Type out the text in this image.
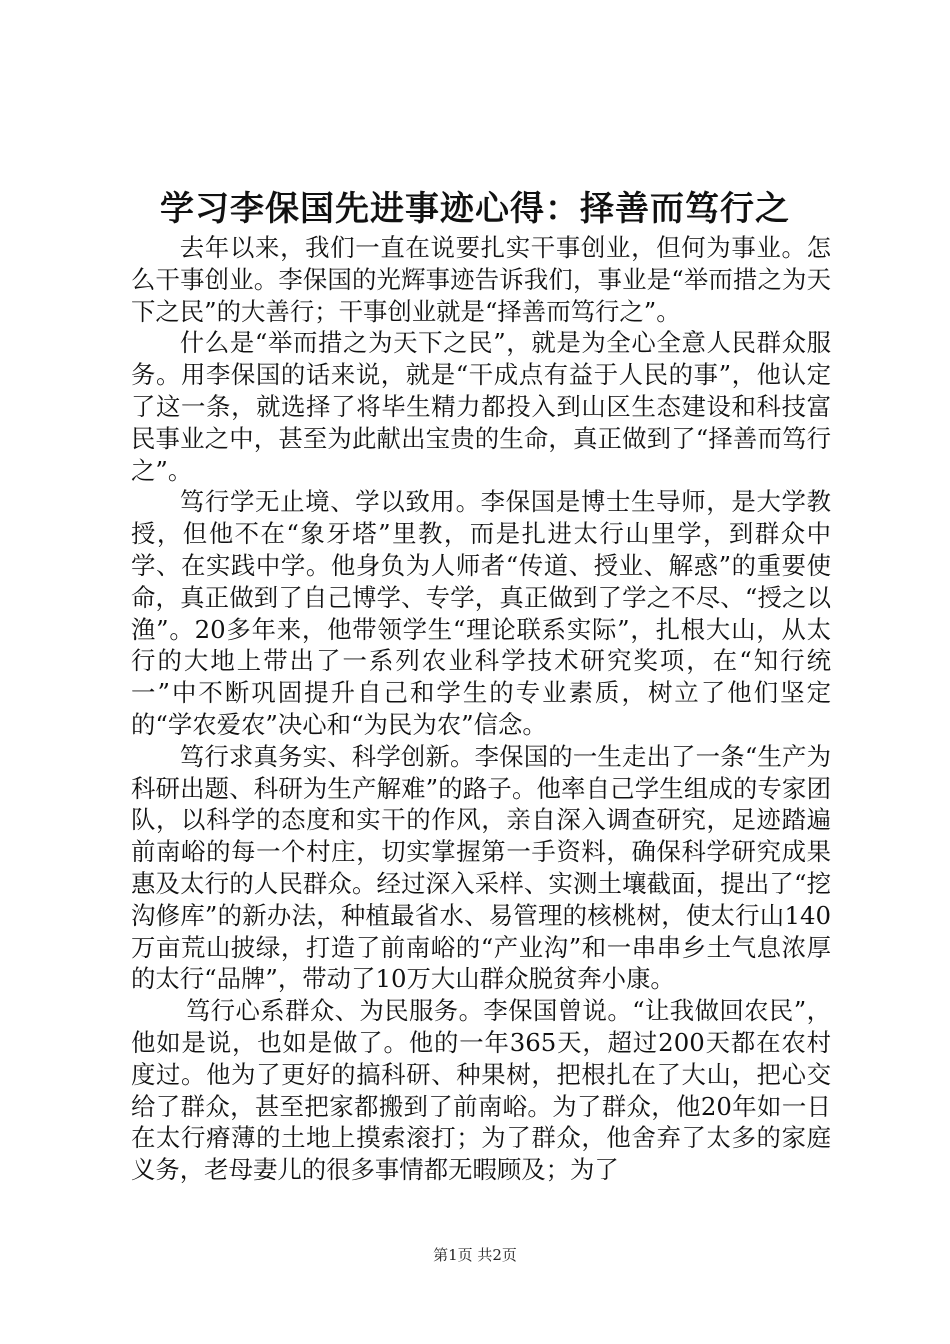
学习李保国先进事迹心得：择善而笃行之

去年以来，我们一直在说要扎实干事创业，但何为事业。怎么干事创业。李保国的光辉事迹告诉我们，事业是“举而措之为天下之民”的大善行；干事创业就是“择善而笃行之”。

什么是“举而措之为天下之民”，就是为全心全意人民群众服务。用李保国的话来说，就是“干成点有益于人民的事”，他认定了这一条，就选择了将毕生精力都投入到山区生态建设和科技富民事业之中，甚至为此献出宝贵的生命，真正做到了“择善而笃行之”。

笃行学无止境、学以致用。李保国是博士生导师，是大学教授，但他不在“象牙塔”里教，而是扎进太行山里学，到群众中学、在实践中学。他身负为人师者“传道、授业、解惑”的重要使命，真正做到了自己博学、专学，真正做到了学之不尽、“授之以渔”。20多年来，他带领学生“理论联系实际”，扎根大山，从太行的大地上带出了一系列农业科学技术研究奖项，在“知行统一”中不断巩固提升自己和学生的专业素质，树立了他们坚定的“学农爱农”决心和“为民为农”信念。

笃行求真务实、科学创新。李保国的一生走出了一条“生产为科研出题、科研为生产解难”的路子。他率自己学生组成的专家团队，以科学的态度和实干的作风，亲自深入调查研究，足迹踏遍前南峪的每一个村庄，切实掌握第一手资料，确保科学研究成果惠及太行的人民群众。经过深入采样、实测土壤截面，提出了“挖沟修库”的新办法，种植最省水、易管理的核桃树，使太行山140万亩荒山披绿，打造了前南峪的“产业沟”和一串串乡土气息浓厚的太行“品牌”，带动了10万大山群众脱贫奔小康。

笃行心系群众、为民服务。李保国曾说。“让我做回农民”，他如是说，也如是做了。他的一年365天，超过200天都在农村度过。他为了更好的搞科研、种果树，把根扎在了大山，把心交给了群众，甚至把家都搬到了前南峪。为了群众，他20年如一日在太行瘠薄的土地上摸索滚打；为了群众，他舍弃了太多的家庭义务，老母妻儿的很多事情都无暇顾及；为了

第1页 共2页
